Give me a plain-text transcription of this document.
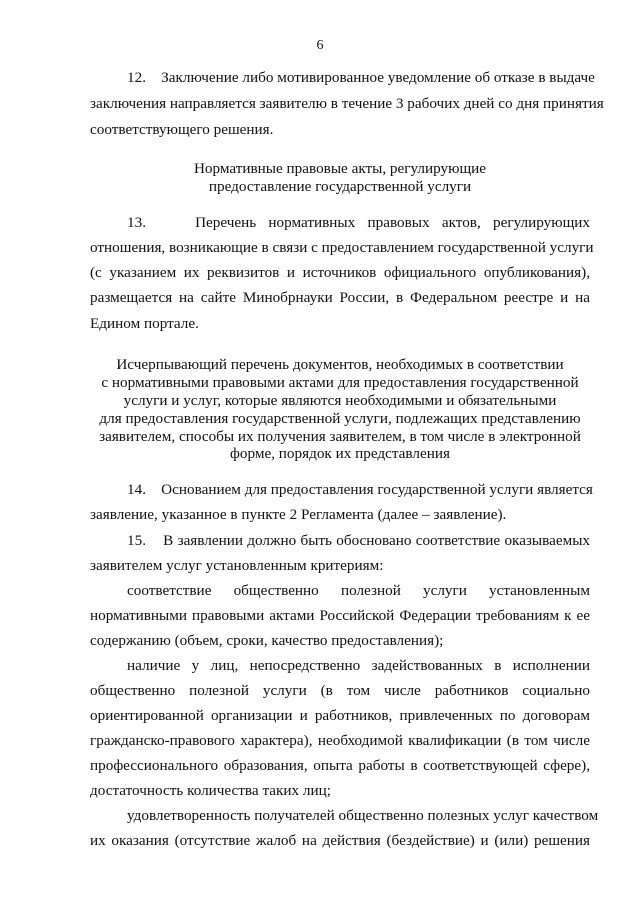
6
12.    Заключение либо мотивированное уведомление об отказе в выдаче
заключения направляется заявителю в течение 3 рабочих дней со дня принятия
соответствующего решения.
Нормативные правовые акты, регулирующие
предоставление государственной услуги
13.    Перечень нормативных правовых актов, регулирующих
отношения, возникающие в связи с предоставлением государственной услуги
(с указанием их реквизитов и источников официального опубликования),
размещается на сайте Минобрнауки России, в Федеральном реестре и на
Едином портале.
Исчерпывающий перечень документов, необходимых в соответствии
с нормативными правовыми актами для предоставления государственной
услуги и услуг, которые являются необходимыми и обязательными
для предоставления государственной услуги, подлежащих представлению
заявителем, способы их получения заявителем, в том числе в электронной
форме, порядок их представления
14.    Основанием для предоставления государственной услуги является
заявление, указанное в пункте 2 Регламента (далее – заявление).
15.    В заявлении должно быть обосновано соответствие оказываемых
заявителем услуг установленным критериям:
соответствие общественно полезной услуги установленным
нормативными правовыми актами Российской Федерации требованиям к ее
содержанию (объем, сроки, качество предоставления);
наличие у лиц, непосредственно задействованных в исполнении
общественно полезной услуги (в том числе работников социально
ориентированной организации и работников, привлеченных по договорам
гражданско-правового характера), необходимой квалификации (в том числе
профессионального образования, опыта работы в соответствующей сфере),
достаточность количества таких лиц;
удовлетворенность получателей общественно полезных услуг качеством
их оказания (отсутствие жалоб на действия (бездействие) и (или) решения
